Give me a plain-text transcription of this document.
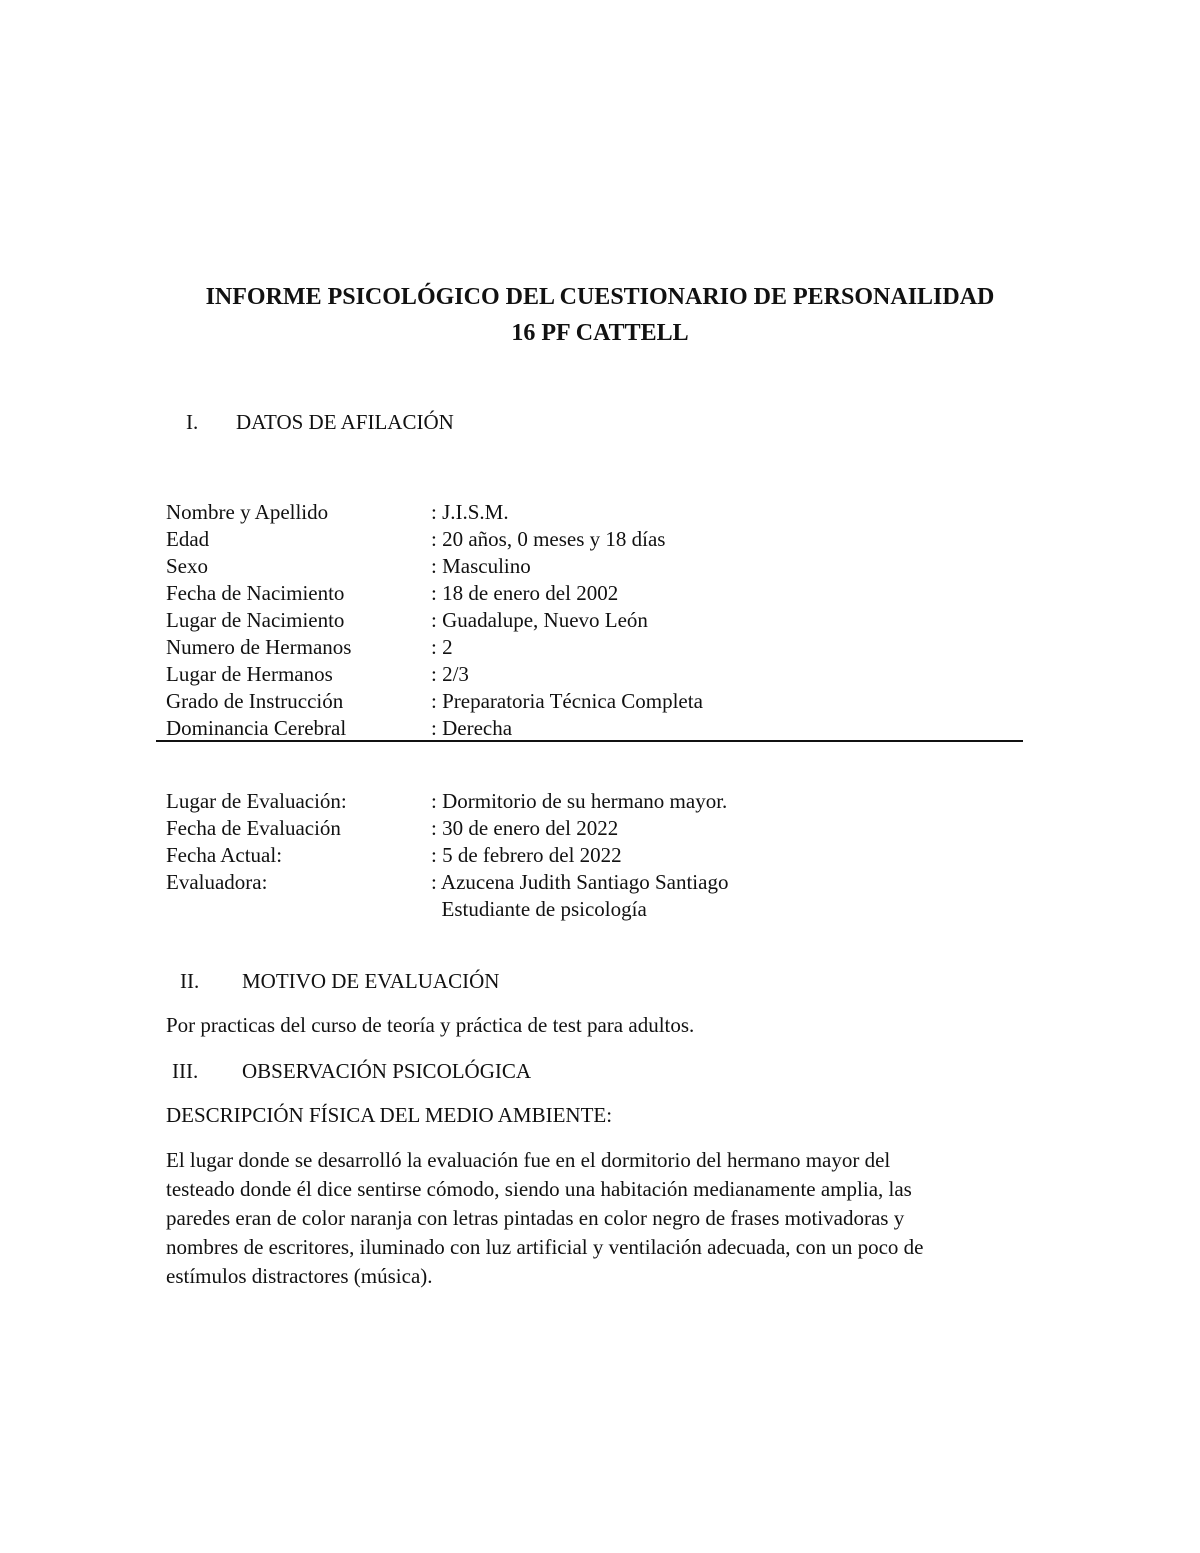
INFORME PSICOLÓGICO DEL CUESTIONARIO DE PERSONAILIDAD
16 PF CATTELL
I. DATOS DE AFILACIÓN
Nombre y Apellido	: J.I.S.M.
Edad	: 20 años, 0 meses y 18 días
Sexo	: Masculino
Fecha de Nacimiento	: 18 de enero del 2002
Lugar de Nacimiento	: Guadalupe, Nuevo León
Numero de Hermanos	: 2
Lugar de Hermanos	: 2/3
Grado de Instrucción	: Preparatoria Técnica Completa
Dominancia Cerebral	: Derecha
Lugar de Evaluación:	: Dormitorio de su hermano mayor.
Fecha de Evaluación	: 30 de enero del 2022
Fecha Actual:	: 5 de febrero del 2022
Evaluadora:	: Azucena Judith Santiago Santiago
Estudiante de psicología
II. MOTIVO DE EVALUACIÓN
Por practicas del curso de teoría y práctica de test para adultos.
III. OBSERVACIÓN PSICOLÓGICA
DESCRIPCIÓN FÍSICA DEL MEDIO AMBIENTE:
El lugar donde se desarrolló la evaluación fue en el dormitorio del hermano mayor del
testeado donde él dice sentirse cómodo, siendo una habitación medianamente amplia, las
paredes eran de color naranja con letras pintadas en color negro de frases motivadoras y
nombres de escritores, iluminado con luz artificial y ventilación adecuada, con un poco de
estímulos distractores (música).
